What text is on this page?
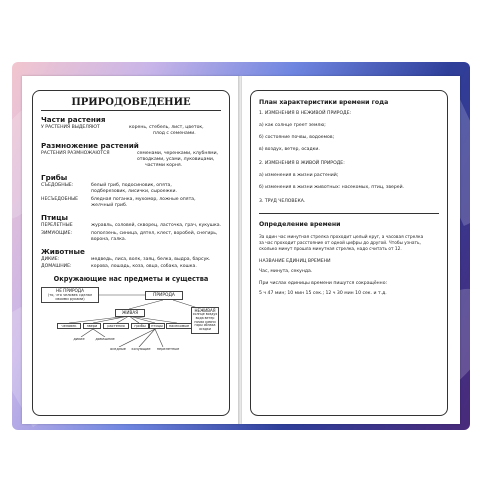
ПРИРОДОВЕДЕНИЕ
Части растения
У РАСТЕНИЯ ВЫДЕЛЯЮТ	корень, стебель, лист, цветок,
плод с семенами.
Размножение растений
РАСТЕНИЯ РАЗМНОЖАЮТСЯ	семенами, черенками, клубнями,
отводками, усами, луковицами,
частями корня.
Грибы
СЪЕДОБНЫЕ:	белый гриб, подосиновик, опята,
подберезовик, лисички, сыроежки.
НЕСЪЕДОБНЫЕ	бледная поганка, мухомор, ложные опята,
желчный гриб.
Птицы
ПЕРЕЛЕТНЫЕ	журавль, соловей, скворец, ласточка, грач, кукушка.
ЗИМУЮЩИЕ:	поползень, синица, дятел, клест, воробей, снегирь,
ворона, галка.
Животные
ДИКИЕ:	медведь, лиса, волк, заяц, белка, выдра, барсук.
ДОМАШНИЕ:	корова, лошадь, коза, овца, собака, кошка.
Окружающие нас предметы и существа
НЕ ПРИРОДА
(то, что человек сделал своими руками)
ПРИРОДА
ЖИВАЯ	НЕЖИВАЯ
солнце воздух вода ветер почва камни горы облака осадки
человек	звери	растения	грибы	птицы	насекомые
дикие	домашние
оседлые	кочующие	перелетные
План характеристики времени года
1. ИЗМЕНЕНИЯ В НЕЖИВОЙ ПРИРОДЕ:
а) как солнце греет землю;
б) состояние почвы, водоемов;
в) воздух, ветер, осадки.
2. ИЗМЕНЕНИЯ В ЖИВОЙ ПРИРОДЕ:
а) изменения в жизни растений;
б) изменения в жизни животных: насекомых, птиц, зверей.
3. ТРУД ЧЕЛОВЕКА.
Определение времени
За один час минутная стрелка проходит целый круг, а часовая стрелка
за час проходит расстояние от одной цифры до другой. Чтобы узнать,
сколько минут прошла минутная стрелка, надо считать от 12.
НАЗВАНИЕ ЕДИНИЦ ВРЕМЕНИ
Час, минута, секунда.
При числах единицы времени пишутся сокращённо:
5 ч 47 мин; 10 мин 15 сек.; 12 ч 30 мин 10 сек. и т.д.
